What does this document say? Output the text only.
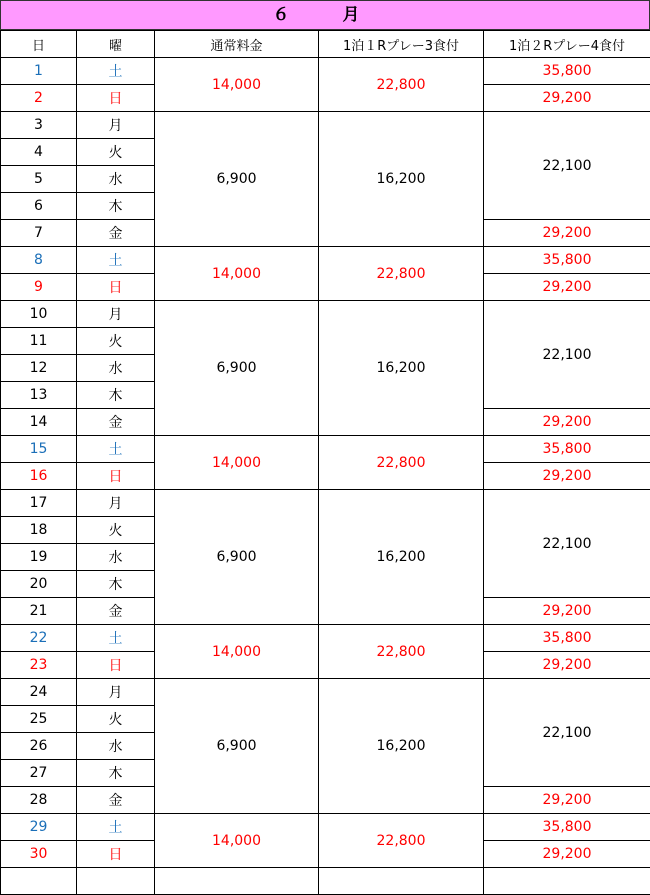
６　月
日	曜	通常料金	1泊１Rプレー3食付	1泊２Rプレー4食付
1	土	14,000	22,800	35,800
2	日			29,200
3	月	6,900	16,200	22,100
4	火			
5	水			
6	木			
7	金			29,200
8	土	14,000	22,800	35,800
9	日			29,200
10	月	6,900	16,200	22,100
11	火			
12	水			
13	木			
14	金			29,200
15	土	14,000	22,800	35,800
16	日			29,200
17	月	6,900	16,200	22,100
18	火			
19	水			
20	木			
21	金			29,200
22	土	14,000	22,800	35,800
23	日			29,200
24	月	6,900	16,200	22,100
25	火			
26	水			
27	木			
28	金			29,200
29	土	14,000	22,800	35,800
30	日			29,200
